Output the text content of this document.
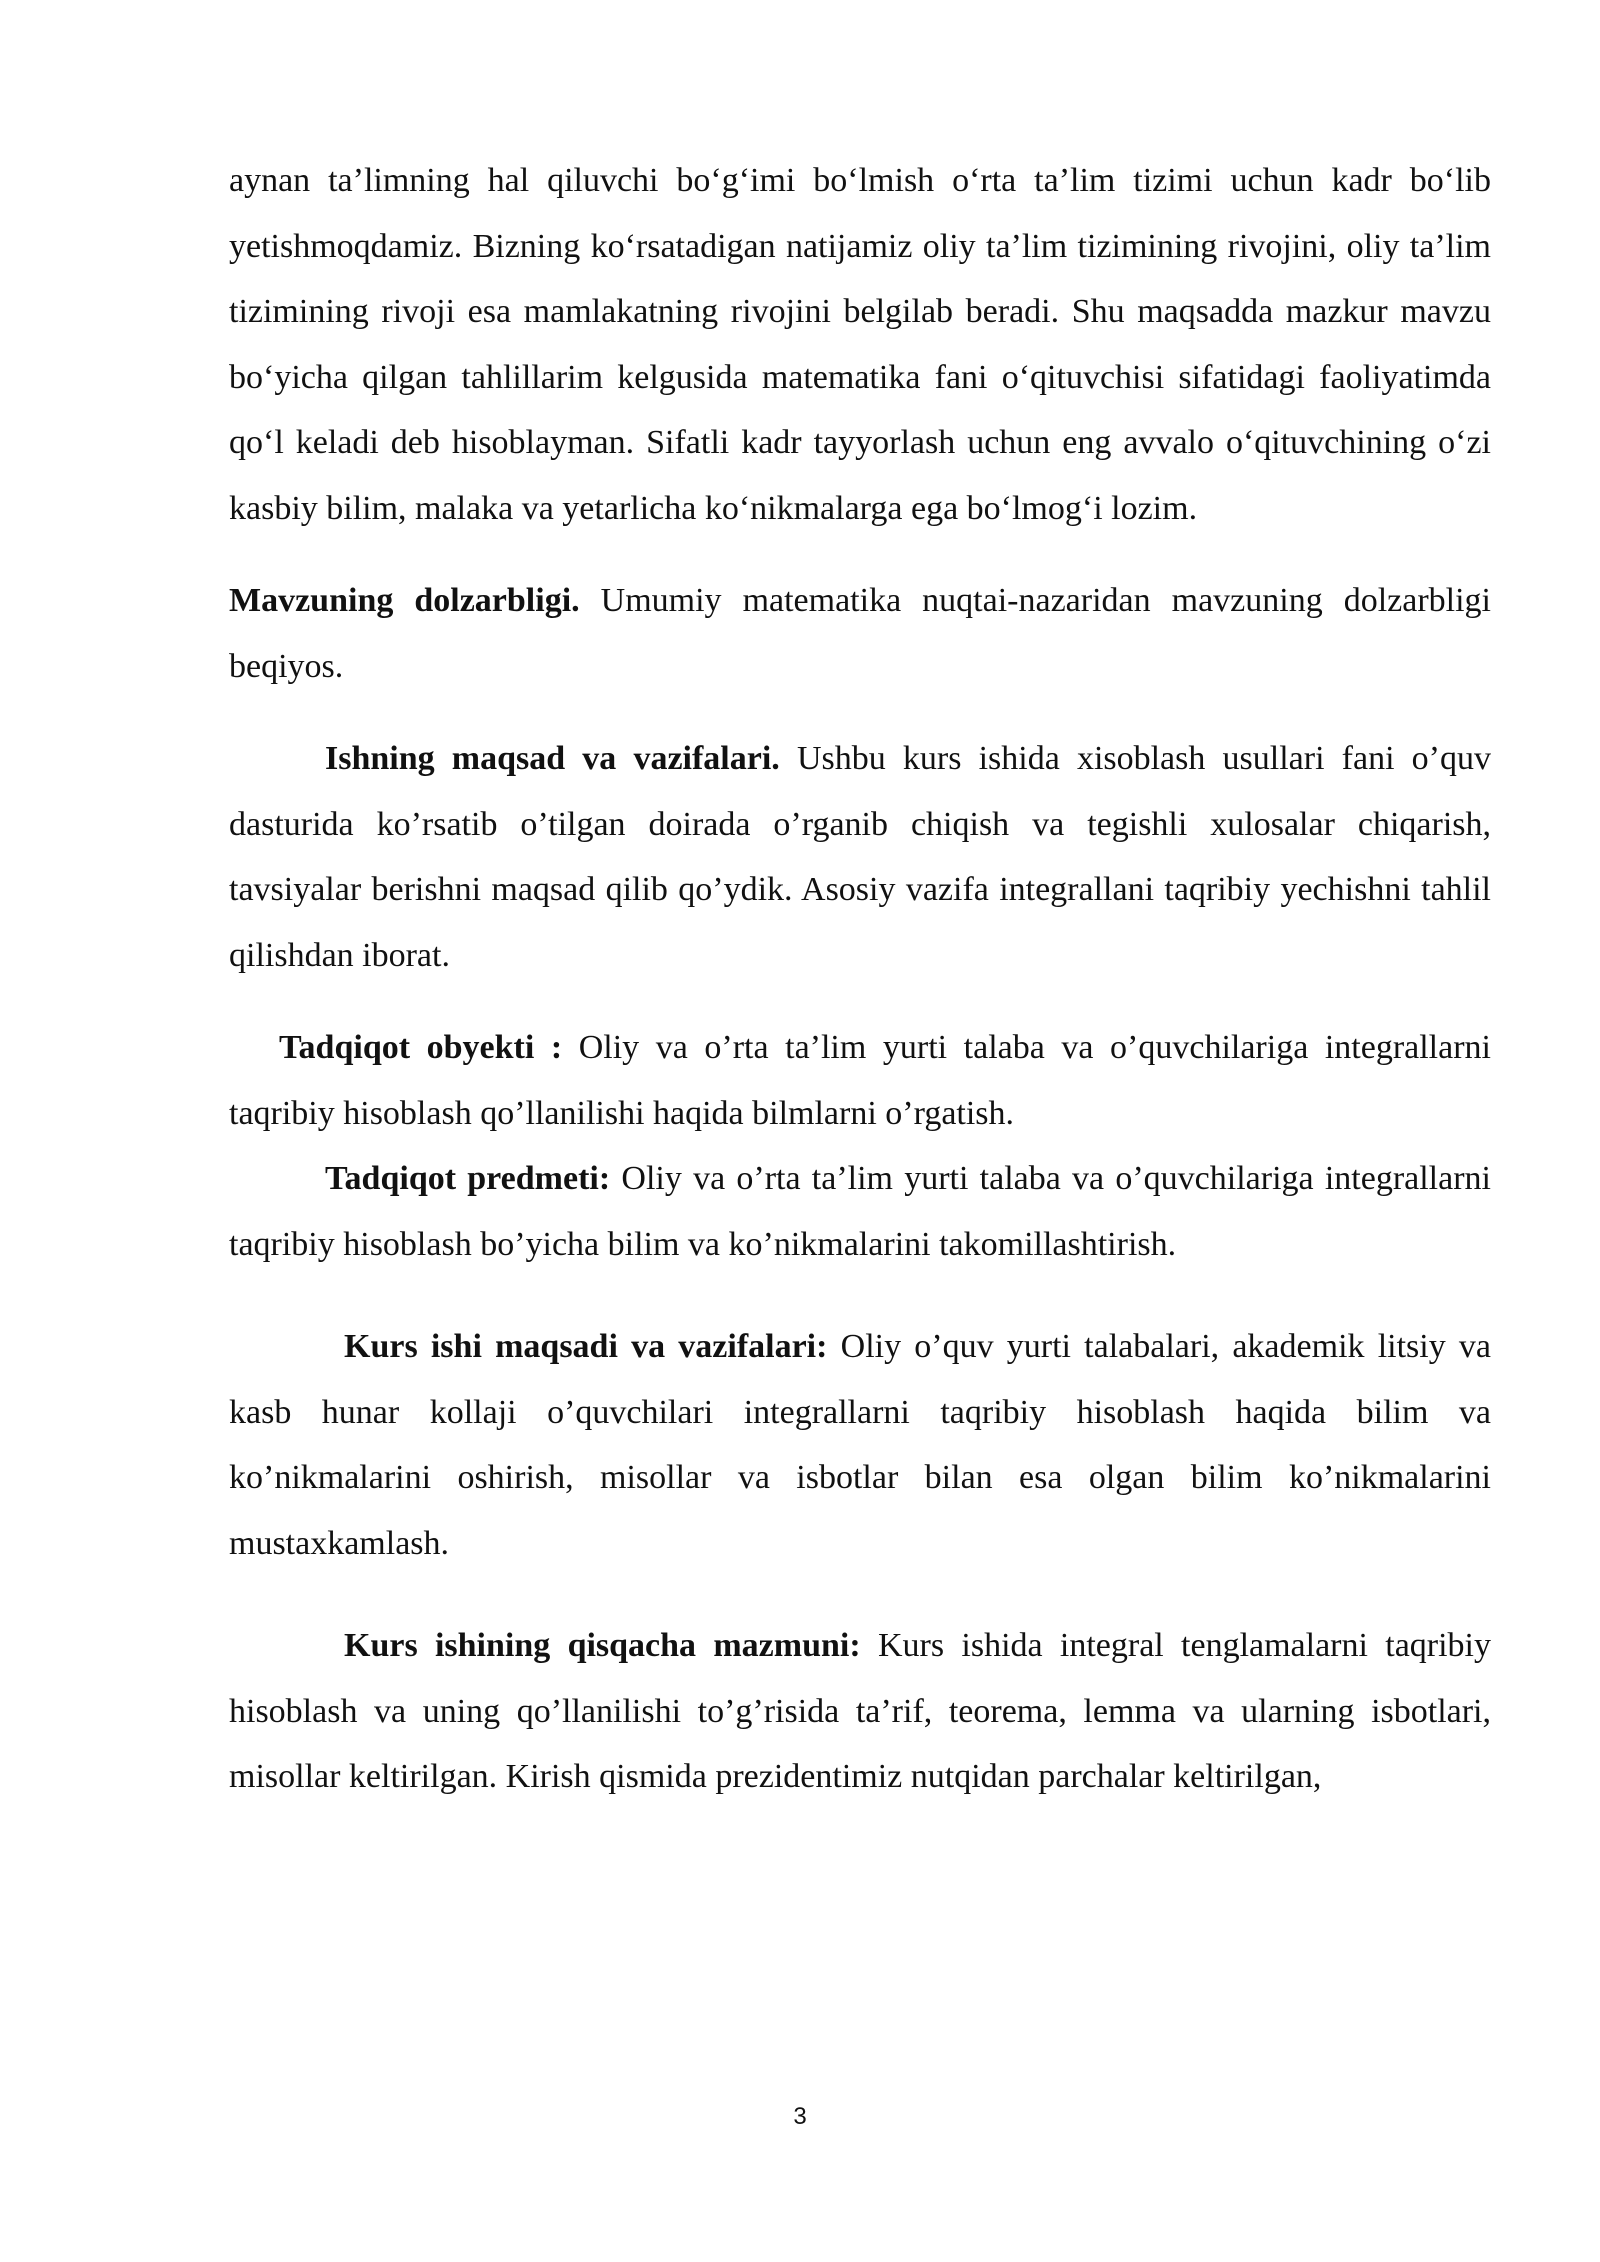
aynan ta’limning hal qiluvchi bo‘g‘imi bo‘lmish o‘rta ta’lim tizimi uchun kadr bo‘lib yetishmoqdamiz. Bizning ko‘rsatadigan natijamiz oliy ta’lim tizimining rivojini, oliy ta’lim tizimining rivoji esa mamlakatning rivojini belgilab beradi. Shu maqsadda mazkur mavzu bo‘yicha qilgan tahlillarim kelgusida matematika fani o‘qituvchisi sifatidagi faoliyatimda qo‘l keladi deb hisoblayman. Sifatli kadr tayyorlash uchun eng avvalo o‘qituvchining o‘zi kasbiy bilim, malaka va yetarlicha ko‘nikmalarga ega bo‘lmog‘i lozim.

Mavzuning dolzarbligi. Umumiy matematika nuqtai-nazaridan mavzuning dolzarbligi beqiyos.

Ishning maqsad va vazifalari. Ushbu kurs ishida xisoblash usullari fani o’quv dasturida ko’rsatib o’tilgan doirada o’rganib chiqish va tegishli xulosalar chiqarish, tavsiyalar berishni maqsad qilib qo’ydik. Asosiy vazifa integrallani taqribiy yechishni tahlil qilishdan iborat.

Tadqiqot obyekti : Oliy va o’rta ta’lim yurti talaba va o’quvchilariga integrallarni taqribiy hisoblash qo’llanilishi haqida bilmlarni o’rgatish.

Tadqiqot predmeti: Oliy va o’rta ta’lim yurti talaba va o’quvchilariga integrallarni taqribiy hisoblash bo’yicha bilim va ko’nikmalarini takomillashtirish.

Kurs ishi maqsadi va vazifalari: Oliy o’quv yurti talabalari, akademik litsiy va kasb hunar kollaji o’quvchilari integrallarni taqribiy hisoblash haqida bilim va ko’nikmalarini oshirish, misollar va isbotlar bilan esa olgan bilim ko’nikmalarini mustaxkamlash.

Kurs ishining qisqacha mazmuni: Kurs ishida integral tenglamalarni taqribiy hisoblash va uning qo’llanilishi to’g’risida ta’rif, teorema, lemma va ularning isbotlari, misollar keltirilgan. Kirish qismida prezidentimiz nutqidan parchalar keltirilgan,

3
